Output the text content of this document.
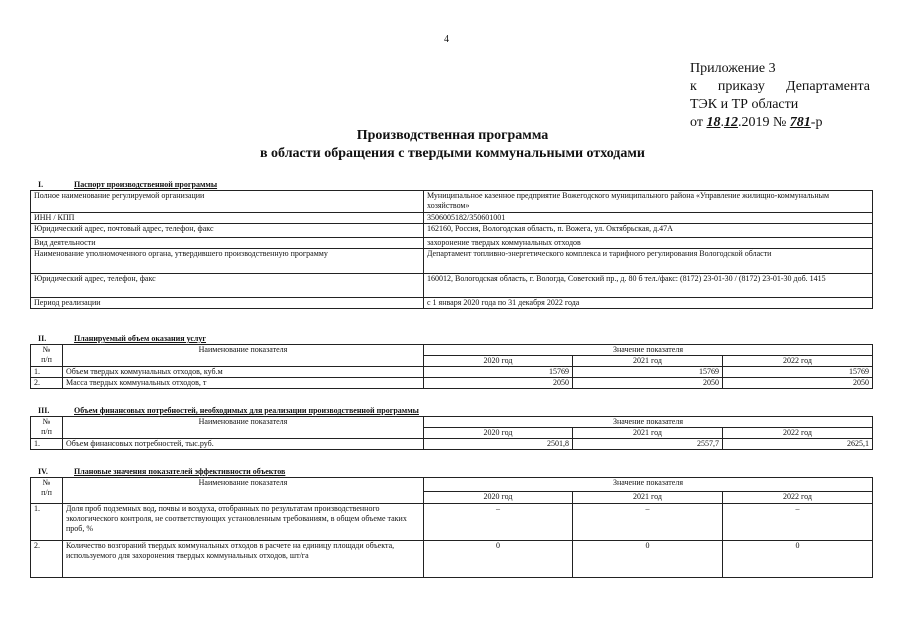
4
Приложение 3
к приказу Департамента
ТЭК и ТР области
от 18.12.2019 № 781-р
Производственная программа
в области обращения с твердыми коммунальными отходами
I.	Паспорт производственной программы
Полное наименование регулируемой организации	Муниципальное казенное предприятие Вожегодского муниципального района «Управление жилищно-коммунальным хозяйством»
ИНН / КПП	3506005182/350601001
Юридический адрес, почтовый адрес, телефон, факс	162160, Россия, Вологодская область, п. Вожега, ул. Октябрьская, д.47А
Вид деятельности	захоронение твердых коммунальных отходов
Наименование уполномоченного органа, утвердившего производственную программу	Департамент топливно-энергетического комплекса и тарифного регулирования Вологодской области
Юридический адрес, телефон, факс	160012, Вологодская область, г. Вологда, Советский пр., д. 80 б тел./факс: (8172) 23-01-30 / (8172) 23-01-30 доб. 1415
Период реализации	с 1 января 2020 года по 31 декабря 2022 года
II.	Планируемый объем оказания услуг
№
п/п	Наименование показателя	Значение показателя		
		2020 год	2021 год	2022 год
1.	Объем твердых коммунальных отходов, куб.м	15769	15769	15769
2.	Масса твердых коммунальных отходов, т	2050	2050	2050
III.	Объем финансовых потребностей, необходимых для реализации производственной программы
№
п/п	Наименование показателя	Значение показателя		
		2020 год	2021 год	2022 год
1.	Объем финансовых потребностей, тыс.руб.	2501,8	2557,7	2625,1
IV.	Плановые значения показателей эффективности объектов
№
п/п	Наименование показателя	Значение показателя		
		2020 год	2021 год	2022 год
1.	Доля проб подземных вод, почвы и воздуха, отобранных по результатам производственного экологического контроля, не соответствующих установленным требованиям, в общем объеме таких проб, %	–	–	–
2.	Количество возгораний твердых коммунальных отходов в расчете на единицу площади объекта, используемого для захоронения твердых коммунальных отходов, шт/га	0	0	0
